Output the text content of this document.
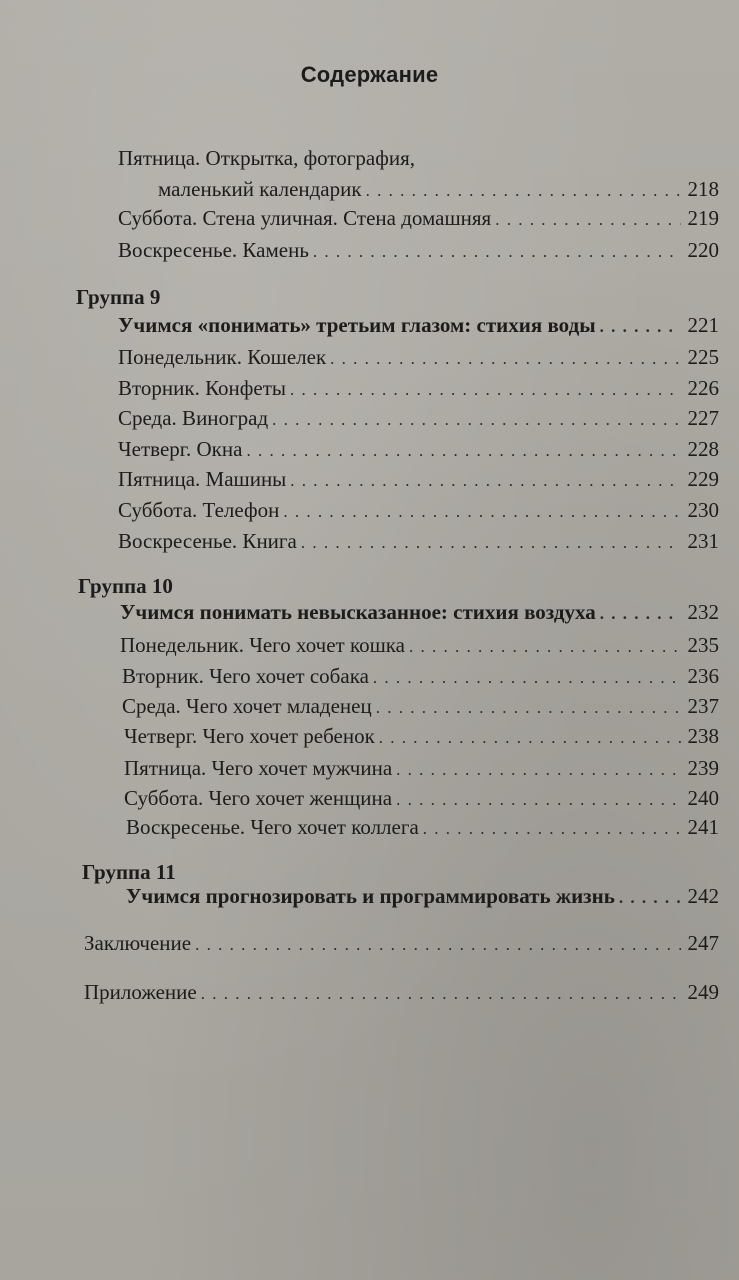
Содержание
Пятница. Открытка, фотография,
маленький календарик . . .	218
Суббота. Стена уличная. Стена домашняя . . .	219
Воскресенье. Камень . . .	220
Группа 9
Учимся «понимать» третьим глазом: стихия воды . . .	221
Понедельник. Кошелек . . .	225
Вторник. Конфеты . . .	226
Среда. Виноград . . .	227
Четверг. Окна . . .	228
Пятница. Машины . . .	229
Суббота. Телефон . . .	230
Воскресенье. Книга . . .	231
Группа 10
Учимся понимать невысказанное: стихия воздуха . . .	232
Понедельник. Чего хочет кошка . . .	235
Вторник. Чего хочет собака . . .	236
Среда. Чего хочет младенец . . .	237
Четверг. Чего хочет ребенок . . .	238
Пятница. Чего хочет мужчина . . .	239
Суббота. Чего хочет женщина . . .	240
Воскресенье. Чего хочет коллега . . .	241
Группа 11
Учимся прогнозировать и программировать жизнь . . .	242
Заключение . . .	247
Приложение . . .	249
